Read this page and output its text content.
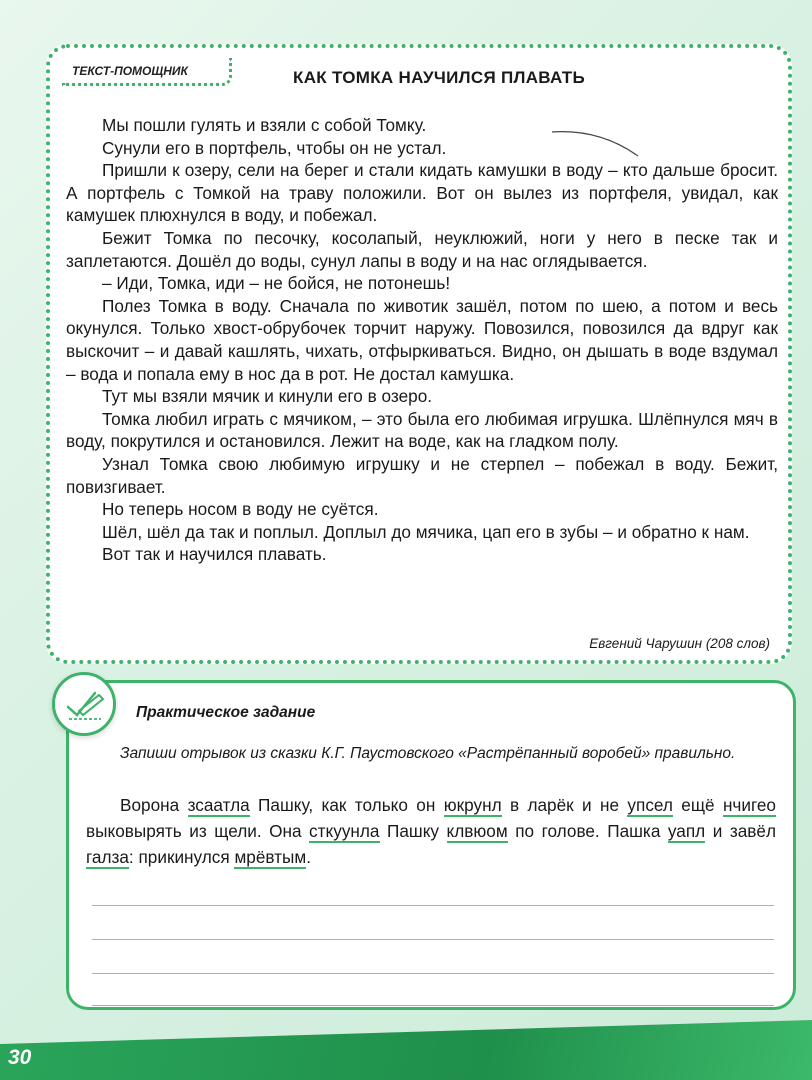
30
ТЕКСТ-ПОМОЩНИК	КАК ТОМКА НАУЧИЛСЯ ПЛАВАТЬ

Мы пошли гулять и взяли с собой Томку.

Сунули его в портфель, чтобы он не устал.

Пришли к озеру, сели на берег и стали кидать камушки в воду – кто дальше бросит. А портфель с Томкой на траву положили. Вот он вылез из портфеля, увидал, как камушек плюхнулся в воду, и побежал.

Бежит Томка по песочку, косолапый, неуклюжий, ноги у него в песке так и заплетаются. Дошёл до воды, сунул лапы в воду и на нас оглядывается.

– Иди, Томка, иди – не бойся, не потонешь!

Полез Томка в воду. Сначала по животик зашёл, потом по шею, а потом и весь окунулся. Только хвост-обрубочек торчит наружу. Повозился, повозился да вдруг как выскочит – и давай кашлять, чихать, отфыркиваться. Видно, он дышать в воде вздумал – вода и попала ему в нос да в рот. Не достал камушка.

Тут мы взяли мячик и кинули его в озеро.

Томка любил играть с мячиком, – это была его любимая игрушка. Шлёпнулся мяч в воду, покрутился и остановился. Лежит на воде, как на гладком полу.

Узнал Томка свою любимую игрушку и не стерпел – побежал в воду. Бежит, повизгивает.

Но теперь носом в воду не суётся.

Шёл, шёл да так и поплыл. Доплыл до мячика, цап его в зубы – и обратно к нам.

Вот так и научился плавать.

Евгений Чарушин (208 слов)
Практическое задание
Запиши отрывок из сказки К.Г. Паустовского «Растрёпанный воробей» правильно.
Ворона зсаатла Пашку, как только он юкрунл в ларёк и не упсел ещё нчигео выковырять из щели. Она сткуунла Пашку клвюом по голове. Пашка уапл и завёл галза: прикинулся мрёвтым.
